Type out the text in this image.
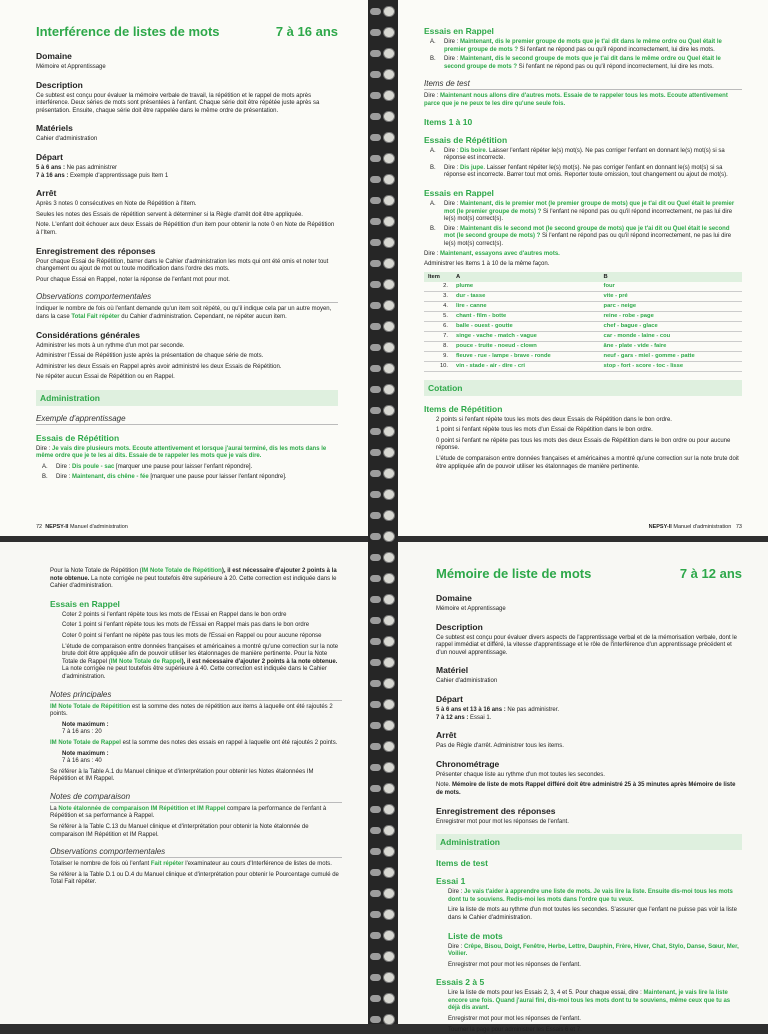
Interférence de listes de mots	7 à 16 ans
Domaine

Mémoire et Apprentissage

Description

Ce subtest est conçu pour évaluer la mémoire verbale de travail, la répétition et le rappel de mots après interférence. Deux séries de mots sont présentées à l'enfant. Chaque série doit être répétée juste après sa présentation. Ensuite, chaque série doit être rappelée dans le même ordre de présentation.

Matériels

Cahier d'administration

Départ

5 à 6 ans : Ne pas administrer
7 à 16 ans : Exemple d'apprentissage puis Item 1

Arrêt

Après 3 notes 0 consécutives en Note de Répétition à l'Item.

Seules les notes des Essais de répétition servent à déterminer si la Règle d'arrêt doit être appliquée.

Note. L'enfant doit échouer aux deux Essais de Répétition d'un item pour obtenir la note 0 en Note de Répétition à l'Item.

Enregistrement des réponses

Pour chaque Essai de Répétition, barrer dans le Cahier d'administration les mots qui ont été omis et noter tout changement ou ajout de mot ou toute modification dans l'ordre des mots.

Pour chaque Essai en Rappel, noter la réponse de l'enfant mot pour mot.

Observations comportementales

Indiquer le nombre de fois où l'enfant demande qu'un item soit répété, ou qu'il indique cela par un autre moyen, dans la case Total Fait répéter du Cahier d'administration. Cependant, ne répéter aucun item.

Considérations générales

Administrer les mots à un rythme d'un mot par seconde.

Administrer l'Essai de Répétition juste après la présentation de chaque série de mots.

Administrer les deux Essais en Rappel après avoir administré les deux Essais de Répétition.

Ne répéter aucun Essai de Répétition ou en Rappel.

Administration
Exemple d'apprentissage
Essais de Répétition

Dire : Je vais dire plusieurs mots. Ecoute attentivement et lorsque j'aurai terminé, dis les mots dans le même ordre que je te les ai dits. Essaie de te rappeler les mots que je vais dire.

A.	Dire : Dis poule - sac [marquer une pause pour laisser l'enfant répondre].
B.	Dire : Maintenant, dis chêne - fée [marquer une pause pour laisser l'enfant répondre].
72 NEPSY-II Manuel d'administration
Essais en Rappel
A.	Dire : Maintenant, dis le premier groupe de mots que je t'ai dit dans le même ordre ou Quel était le premier groupe de mots ? Si l'enfant ne répond pas ou qu'il répond incorrectement, lui dire les mots.
B.	Dire : Maintenant, dis le second groupe de mots que je t'ai dit dans le même ordre ou Quel était le second groupe de mots ? Si l'enfant ne répond pas ou qu'il répond incorrectement, lui dire les mots.
Items de test

Dire : Maintenant nous allons dire d'autres mots. Essaie de te rappeler tous les mots. Ecoute attentivement parce que je ne peux te les dire qu'une seule fois.

Items 1 à 10
Essais de Répétition
A.	Dire : Dis boire. Laisser l'enfant répéter le(s) mot(s). Ne pas corriger l'enfant en donnant le(s) mot(s) si sa réponse est incorrecte.
B.	Dire : Dis jupe. Laisser l'enfant répéter le(s) mot(s). Ne pas corriger l'enfant en donnant le(s) mot(s) si sa réponse est incorrecte. Barrer tout mot omis. Reporter toute omission, tout changement ou ajout de mot(s).
Essais en Rappel
A.	Dire : Maintenant, dis le premier mot (le premier groupe de mots) que je t'ai dit ou Quel était le premier mot (le premier groupe de mots) ? Si l'enfant ne répond pas ou qu'il répond incorrectement, ne pas lui dire le(s) mot(s) correct(s).
B.	Dire : Maintenant dis le second mot (le second groupe de mots) que je t'ai dit ou Quel était le second mot (le second groupe de mots) ? Si l'enfant ne répond pas ou qu'il répond incorrectement, ne pas lui dire le(s) mot(s) correct(s).

Dire : Maintenant, essayons avec d'autres mots.

Administrer les Items 1 à 10 de la même façon.

Item	A	B
2.	plume	four
3.	dur - tasse	vite - pré
4.	lire - canne	parc - neige
5.	chant - film - botte	reine - robe - page
6.	balle - ouest - goutte	chef - bague - glace
7.	singe - vache - match - vague	car - monde - laine - cou
8.	pouce - truite - noeud - clown	âne - plate - vide - faire
9.	fleuve - rue - lampe - brave - ronde	neuf - gars - miel - gomme - patte
10.	vin - stade - air - dire - cri	stop - fort - score - toc - lisse
Cotation
Items de Répétition

2 points si l'enfant répète tous les mots des deux Essais de Répétition dans le bon ordre.

1 point si l'enfant répète tous les mots d'un Essai de Répétition dans le bon ordre.

0 point si l'enfant ne répète pas tous les mots des deux Essais de Répétition dans le bon ordre ou pour aucune réponse.

L'étude de comparaison entre données françaises et américaines a montré qu'une correction sur la note brute doit être appliquée afin de pouvoir utiliser les étalonnages de manière pertinente.

NEPSY-II Manuel d'administration 73

Pour la Note Totale de Répétition (IM Note Totale de Répétition), il est nécessaire d'ajouter 2 points à la note obtenue. La note corrigée ne peut toutefois être supérieure à 20. Cette correction est indiquée dans le Cahier d'administration.

Essais en Rappel

Coter 2 points si l'enfant répète tous les mots de l'Essai en Rappel dans le bon ordre

Coter 1 point si l'enfant répète tous les mots de l'Essai en Rappel mais pas dans le bon ordre

Coter 0 point si l'enfant ne répète pas tous les mots de l'Essai en Rappel ou pour aucune réponse

L'étude de comparaison entre données françaises et américaines a montré qu'une correction sur la note brute doit être appliquée afin de pouvoir utiliser les étalonnages de manière pertinente. Pour la Note Totale de Rappel (IM Note Totale de Rappel), il est nécessaire d'ajouter 2 points à la note obtenue. La note corrigée ne peut toutefois être supérieure à 40. Cette correction est indiquée dans le Cahier d'administration.

Notes principales

IM Note Totale de Répétition est la somme des notes de répétition aux items à laquelle ont été rajoutés 2 points.

Note maximum :
7 à 16 ans : 20

IM Note Totale de Rappel est la somme des notes des essais en rappel à laquelle ont été rajoutés 2 points.

Note maximum :
7 à 16 ans : 40

Se référer à la Table A.1 du Manuel clinique et d'interprétation pour obtenir les Notes étalonnées IM Répétition et IM Rappel.

Notes de comparaison

La Note étalonnée de comparaison IM Répétition et IM Rappel compare la performance de l'enfant à Répétition et sa performance à Rappel.

Se référer à la Table C.13 du Manuel clinique et d'interprétation pour obtenir la Note étalonnée de comparaison IM Répétition et IM Rappel.

Observations comportementales

Totaliser le nombre de fois où l'enfant Fait répéter l'examinateur au cours d'Interférence de listes de mots.

Se référer à la Table D.1 ou D.4 du Manuel clinique et d'interprétation pour obtenir le Pourcentage cumulé de Total Fait répéter.

Mémoire de liste de mots	7 à 12 ans
Domaine

Mémoire et Apprentissage

Description

Ce subtest est conçu pour évaluer divers aspects de l'apprentissage verbal et de la mémorisation verbale, dont le rappel immédiat et différé, la vitesse d'apprentissage et le rôle de l'interférence d'un apprentissage précédent et d'un nouvel apprentissage.

Matériel

Cahier d'administration

Départ

5 à 6 ans et 13 à 16 ans : Ne pas administrer.
7 à 12 ans : Essai 1.

Arrêt

Pas de Règle d'arrêt. Administrer tous les items.

Chronométrage

Présenter chaque liste au rythme d'un mot toutes les secondes.

Note. Mémoire de liste de mots Rappel différé doit être administré 25 à 35 minutes après Mémoire de liste de mots.

Enregistrement des réponses

Enregistrer mot pour mot les réponses de l'enfant.

Administration
Items de test
Essai 1

Dire : Je vais t'aider à apprendre une liste de mots. Je vais lire la liste. Ensuite dis-moi tous les mots dont tu te souviens. Redis-moi les mots dans l'ordre que tu veux.

Lire la liste de mots au rythme d'un mot toutes les secondes. S'assurer que l'enfant ne puisse pas voir la liste dans le Cahier d'administration.

Liste de mots

Dire : Crêpe, Bisou, Doigt, Fenêtre, Herbe, Lettre, Dauphin, Frère, Hiver, Chat, Stylo, Danse, Sœur, Mer, Voilier.

Enregistrer mot pour mot les réponses de l'enfant.

Essais 2 à 5

Lire la liste de mots pour les Essais 2, 3, 4 et 5. Pour chaque essai, dire : Maintenant, je vais lire la liste encore une fois. Quand j'aurai fini, dis-moi tous les mots dont tu te souviens, même ceux que tu as déjà dis avant.

Enregistrer mot pour mot les réponses de l'enfant.

Tourner la page pour administrer les Essais 6 et 7.
